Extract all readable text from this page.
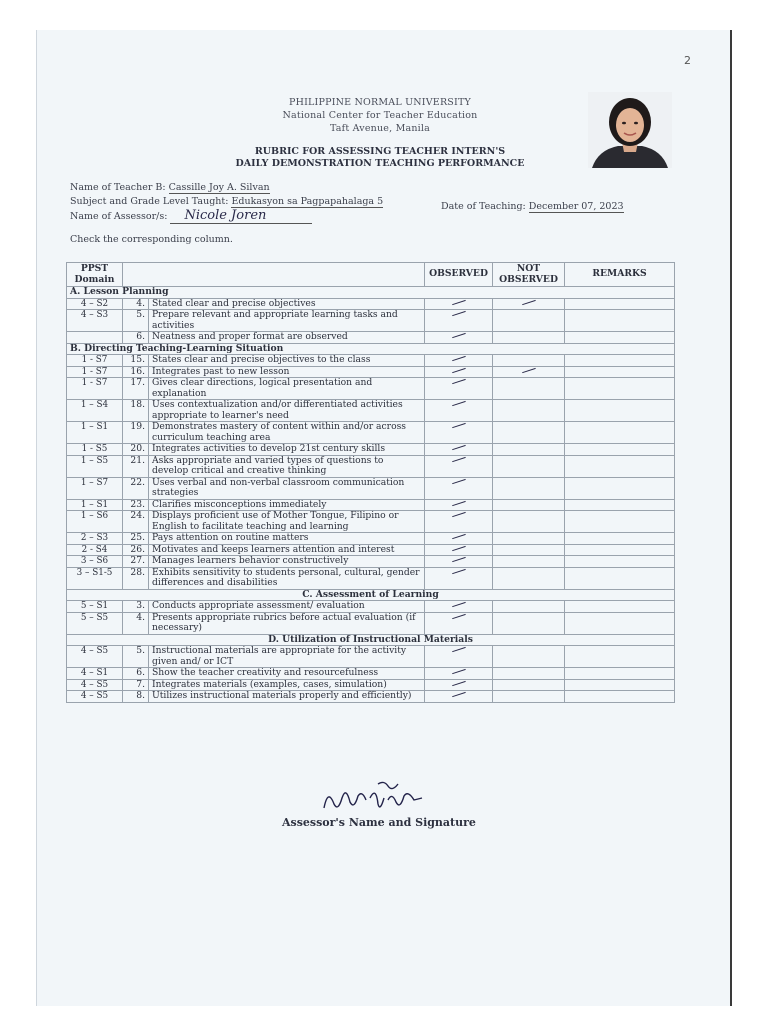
2
PHILIPPINE NORMAL UNIVERSITY
National Center for Teacher Education
Taft Avenue, Manila
RUBRIC FOR ASSESSING TEACHER INTERN'S
DAILY DEMONSTRATION TEACHING PERFORMANCE
Name of Teacher B: Cassille Joy A. Silvan
Subject and Grade Level Taught: Edukasyon sa Pagpapahalaga 5
Name of Assessor/s: Nicole Joren
Date of Teaching: December 07, 2023
Check the corresponding column.
PPST Domain			OBSERVED	NOT OBSERVED	REMARKS
A. Lesson Planning					
4 – S2	4.	Stated clear and precise objectives			
4 – S3	5.	Prepare relevant and appropriate learning tasks and activities			
	6.	Neatness and proper format are observed			
B. Directing Teaching-Learning Situation					
1 - S7	15.	States clear and precise objectives to the class			
1 - S7	16.	Integrates past to new lesson			
1 - S7	17.	Gives clear directions, logical presentation and explanation			
1 – S4	18.	Uses contextualization and/or differentiated activities appropriate to learner's need			
1 – S1	19.	Demonstrates mastery of content within and/or across curriculum teaching area			
1 - S5	20.	Integrates activities to develop 21st century skills			
1 – S5	21.	Asks appropriate and varied types of questions to develop critical and creative thinking			
1 – S7	22.	Uses verbal and non-verbal classroom communication strategies			
1 – S1	23.	Clarifies misconceptions immediately			
1 – S6	24.	Displays proficient use of Mother Tongue, Filipino or English to facilitate teaching and learning			
2 – S3	25.	Pays attention on routine matters			
2 - S4	26.	Motivates and keeps learners attention and interest			
3 – S6	27.	Manages learners behavior constructively			
3 – S1-5	28.	Exhibits sensitivity to students personal, cultural, gender differences and disabilities			
C. Assessment of Learning					
5 – S1	3.	Conducts appropriate assessment/ evaluation			
5 – S5	4.	Presents appropriate rubrics before actual evaluation (if necessary)			
D. Utilization of Instructional Materials					
4 – S5	5.	Instructional materials are appropriate for the activity given and/ or ICT			
4 – S1	6.	Show the teacher creativity and resourcefulness			
4 – S5	7.	Integrates materials (examples, cases, simulation)			
4 – S5	8.	Utilizes instructional materials properly and efficiently)			
Assessor's Name and Signature
